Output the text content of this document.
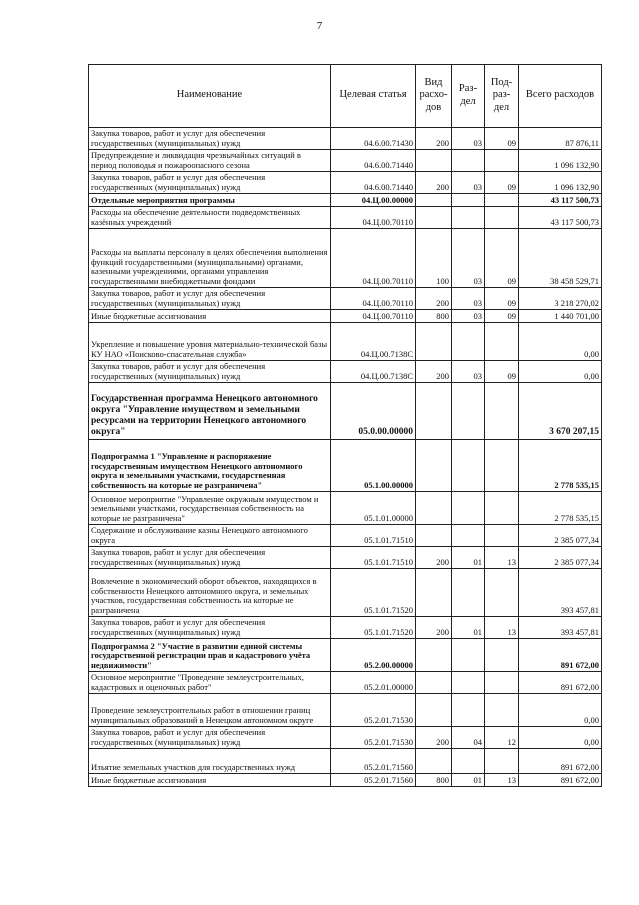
7
Наименование	Целевая статья	Вид расхо-дов	Раз-дел	Под-раз-дел	Всего расходов
Закупка товаров, работ и услуг для обеспечения государственных (муниципальных) нужд	04.6.00.71430	200	03	09	87 876,11
Предупреждение и ликвидация чрезвычайных ситуаций в период половодья и пожароопасного сезона	04.6.00.71440				1 096 132,90
Закупка товаров, работ и услуг для обеспечения государственных (муниципальных) нужд	04.6.00.71440	200	03	09	1 096 132,90
Отдельные мероприятия программы	04.Ц.00.00000				43 117 500,73
Расходы на обеспечение деятельности подведомственных казённых учреждений	04.Ц.00.70110				43 117 500,73
Расходы на выплаты персоналу в целях обеспечения выполнения функций государственными (муниципальными) органами, казенными учреждениями, органами управления государственными внебюджетными фондами	04.Ц.00.70110	100	03	09	38 458 529,71
Закупка товаров, работ и услуг для обеспечения государственных (муниципальных) нужд	04.Ц.00.70110	200	03	09	3 218 270,02
Иные бюджетные ассигнования	04.Ц.00.70110	800	03	09	1 440 701,00
Укрепление и повышение уровня материально-технической базы КУ НАО «Поисково-спасательная служба»	04.Ц.00.7138С				0,00
Закупка товаров, работ и услуг для обеспечения государственных (муниципальных) нужд	04.Ц.00.7138С	200	03	09	0,00
Государственная программа Ненецкого автономного округа "Управление имуществом и земельными ресурсами на территории Ненецкого автономного округа"	05.0.00.00000				3 670 207,15
Подпрограмма 1 "Управление и распоряжение государственным имуществом Ненецкого автономного округа и земельными участками, государственная собственность на которые не разграничена"	05.1.00.00000				2 778 535,15
Основное мероприятие "Управление окружным имуществом и земельными участками, государственная собственность на которые не разграничена"	05.1.01.00000				2 778 535,15
Содержание и обслуживание казны Ненецкого автономного округа	05.1.01.71510				2 385 077,34
Закупка товаров, работ и услуг для обеспечения государственных (муниципальных) нужд	05.1.01.71510	200	01	13	2 385 077,34
Вовлечение в экономический оборот объектов, находящихся в собственности Ненецкого автономного округа, и земельных участков, государственная собственность на которые не разграничена	05.1.01.71520				393 457,81
Закупка товаров, работ и услуг для обеспечения государственных (муниципальных) нужд	05.1.01.71520	200	01	13	393 457,81
Подпрограмма 2 "Участие в развитии единой системы государственной регистрации прав и кадастрового учёта недвижимости"	05.2.00.00000				891 672,00
Основное мероприятие "Проведение землеустроительных, кадастровых и оценочных работ"	05.2.01.00000				891 672,00
Проведение землеустроительных работ в отношении границ муниципальных образований в Ненецком автономном округе	05.2.01.71530				0,00
Закупка товаров, работ и услуг для обеспечения государственных (муниципальных) нужд	05.2.01.71530	200	04	12	0,00
Изъятие земельных участков для государственных нужд	05.2.01.71560				891 672,00
Иные бюджетные ассигнования	05.2.01.71560	800	01	13	891 672,00
